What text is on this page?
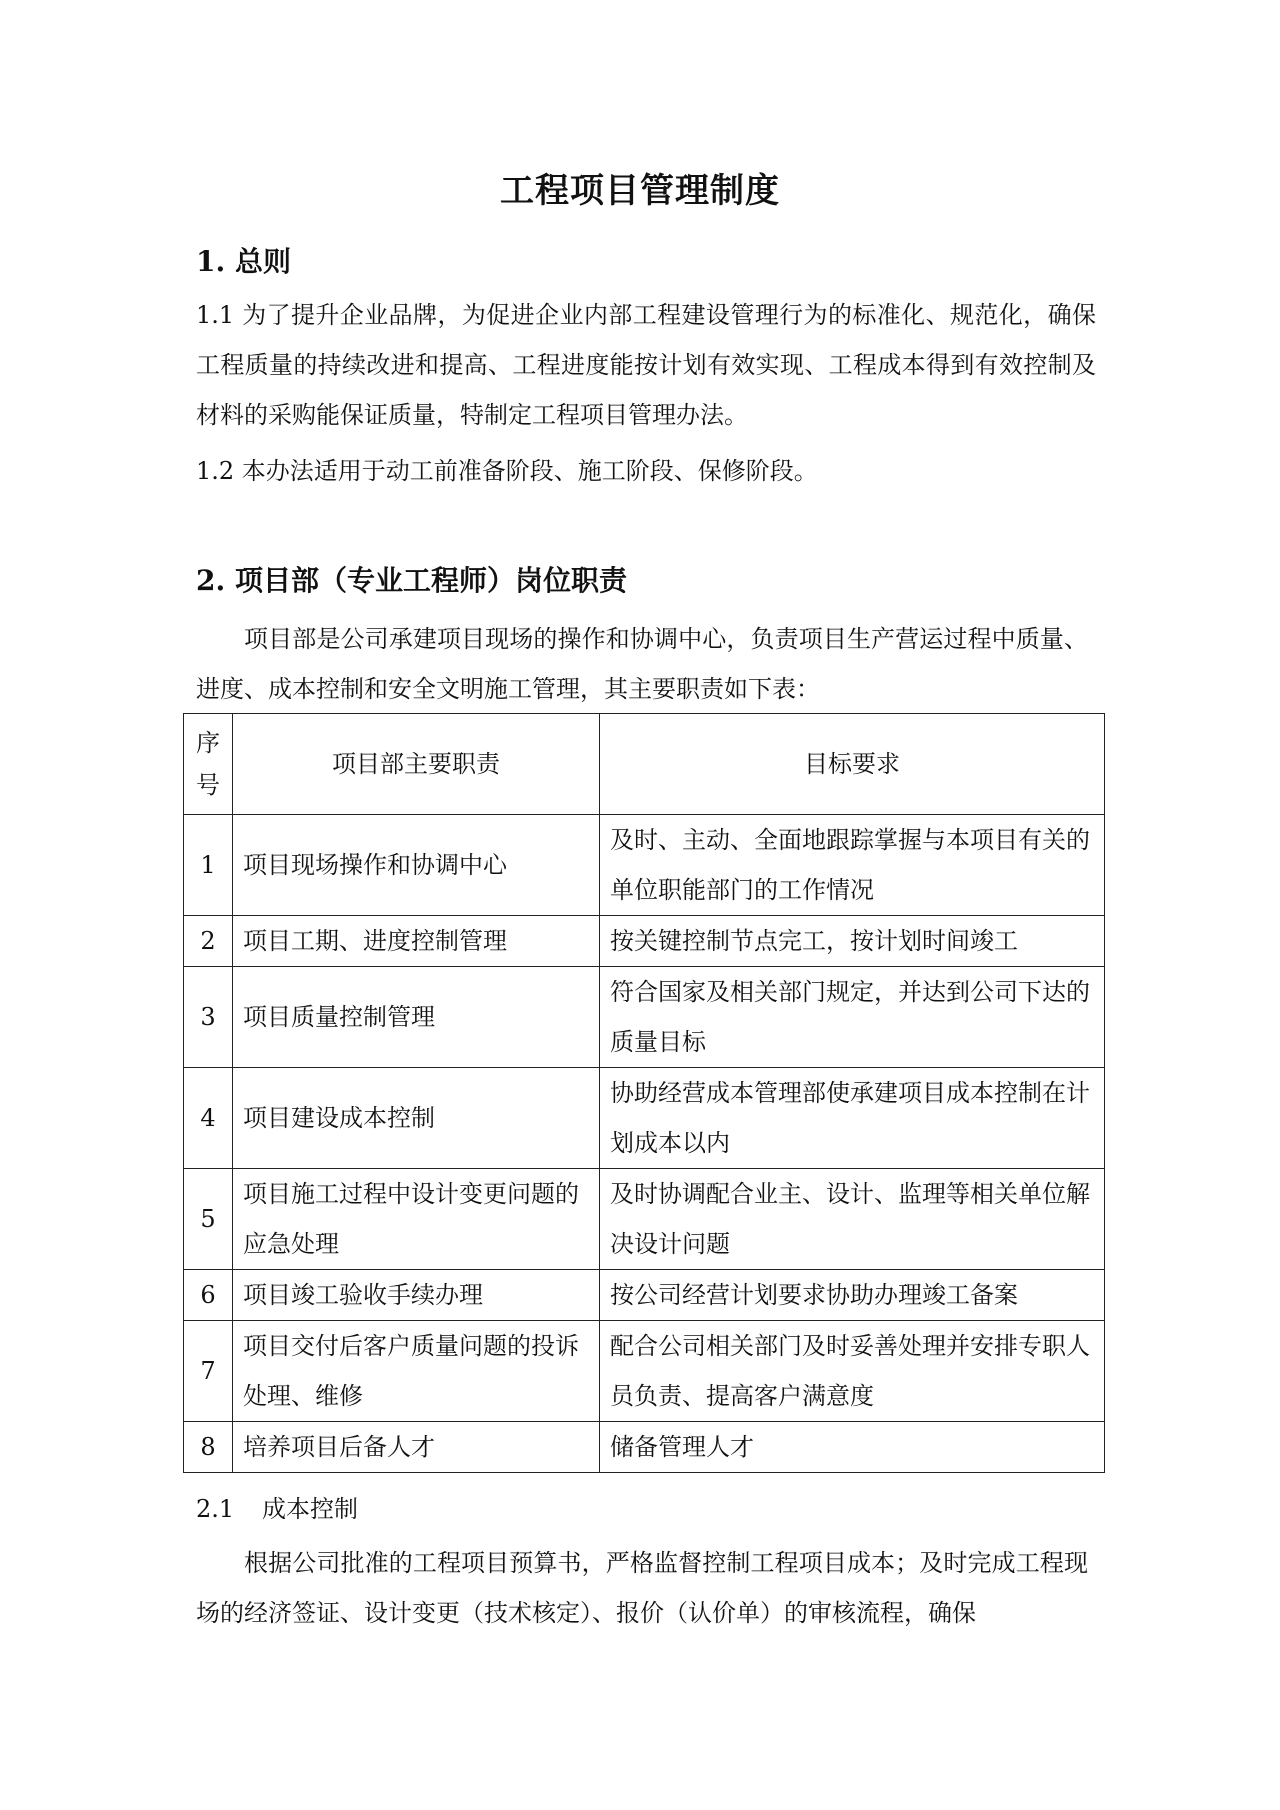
工程项目管理制度
1. 总则

1.1 为了提升企业品牌，为促进企业内部工程建设管理行为的标准化、规范化，确保工程质量的持续改进和提高、工程进度能按计划有效实现、工程成本得到有效控制及材料的采购能保证质量，特制定工程项目管理办法。

1.2 本办法适用于动工前准备阶段、施工阶段、保修阶段。

2. 项目部（专业工程师）岗位职责

项目部是公司承建项目现场的操作和协调中心，负责项目生产营运过程中质量、进度、成本控制和安全文明施工管理，其主要职责如下表：

序号	项目部主要职责	目标要求
1	项目现场操作和协调中心	及时、主动、全面地跟踪掌握与本项目有关的单位职能部门的工作情况
2	项目工期、进度控制管理	按关键控制节点完工，按计划时间竣工
3	项目质量控制管理	符合国家及相关部门规定，并达到公司下达的质量目标
4	项目建设成本控制	协助经营成本管理部使承建项目成本控制在计划成本以内
5	项目施工过程中设计变更问题的应急处理	及时协调配合业主、设计、监理等相关单位解决设计问题
6	项目竣工验收手续办理	按公司经营计划要求协助办理竣工备案
7	项目交付后客户质量问题的投诉处理、维修	配合公司相关部门及时妥善处理并安排专职人员负责、提高客户满意度
8	培养项目后备人才	储备管理人才

2.1 成本控制

根据公司批准的工程项目预算书，严格监督控制工程项目成本；及时完成工程现场的经济签证、设计变更（技术核定）、报价（认价单）的审核流程，确保
